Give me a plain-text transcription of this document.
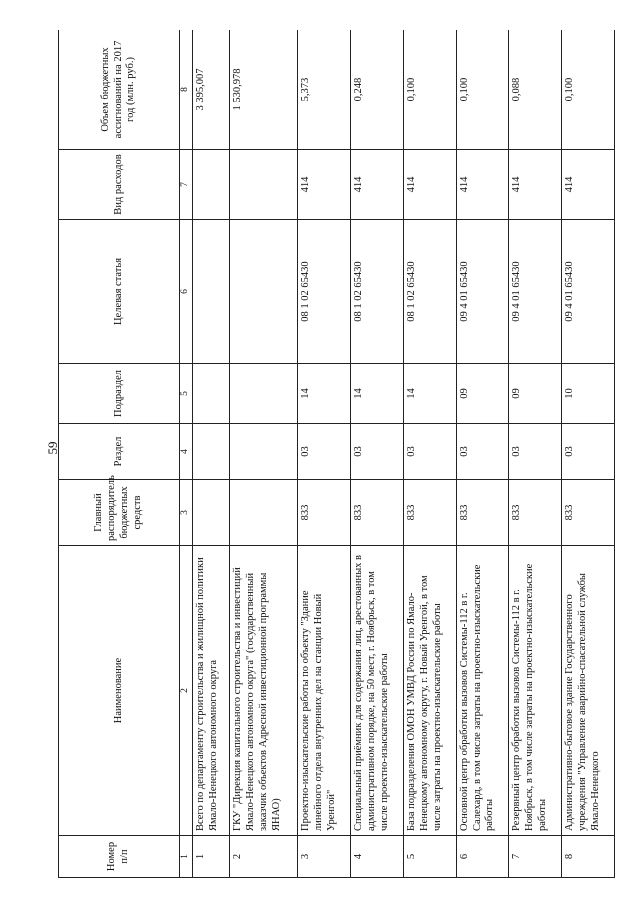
59
Номер п/п	Наименование	Главный распорядитель бюджетных средств	Раздел	Подраздел	Целевая статья	Вид расходов	Объем бюджетных ассигнований на 2017 год (млн. руб.)
1	2	3	4	5	6	7	8
1	Всего по департаменту строительства и жилищной политики Ямало-Ненецкого автономного округа						3 395,007
2	ГКУ "Дирекция капитального строительства и инвестиций Ямало-Ненецкого автономного округа" (государственный заказчик объектов Адресной инвестиционной программы ЯНАО)						1 530,978
3	Проектно-изыскательские работы по объекту "Здание линейного отдела внутренних дел на станции Новый Уренгой"	833	03	14	08 1 02 65430	414	5,373
4	Специальный приёмник для содержания лиц, арестованных в административном порядке, на 50 мест, г. Ноябрьск, в том числе проектно-изыскательские работы	833	03	14	08 1 02 65430	414	0,248
5	База подразделения ОМОН УМВД России по Ямало-Ненецкому автономному округу, г. Новый Уренгой, в том числе затраты на проектно-изыскательские работы	833	03	14	08 1 02 65430	414	0,100
6	Основной центр обработки вызовов Системы-112 в г. Салехард, в том числе затраты на проектно-изыскательские работы	833	03	09	09 4 01 65430	414	0,100
7	Резервный центр обработки вызовов Системы-112 в г. Ноябрьск, в том числе затраты на проектно-изыскательские работы	833	03	09	09 4 01 65430	414	0,088
8	Административно-бытовое здание Государственного учреждения "Управление аварийно-спасательной службы Ямало-Ненецкого	833	03	10	09 4 01 65430	414	0,100
